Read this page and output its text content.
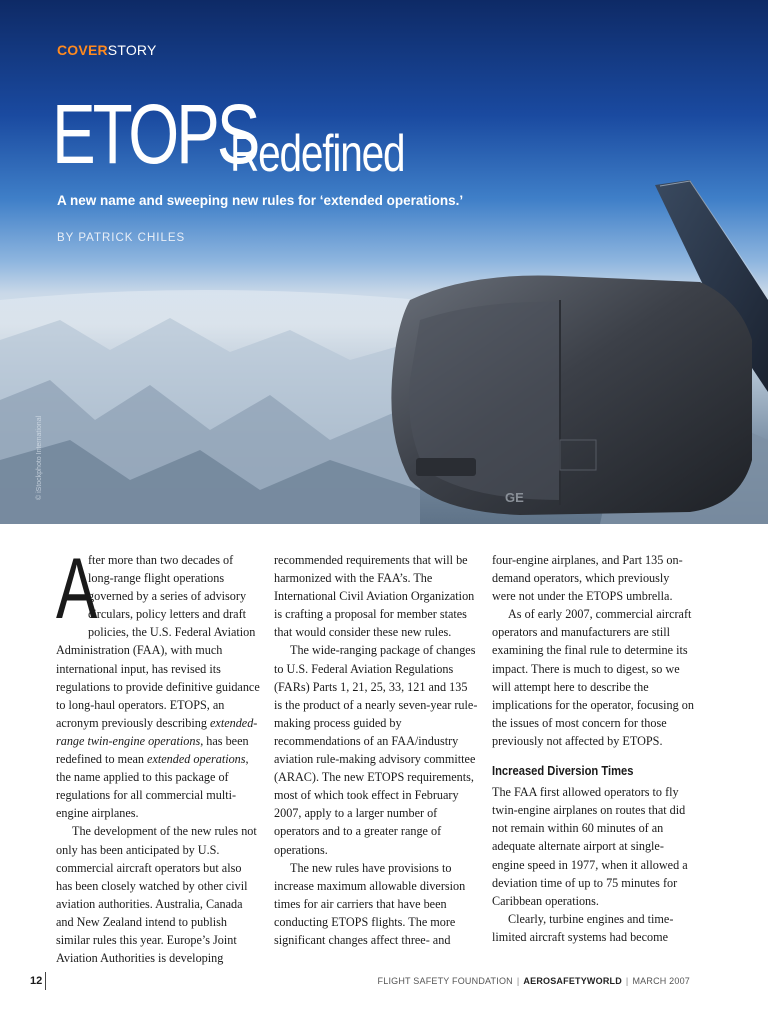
GE
COVERSTORY
ETOPS
Redefined
A new name and sweeping new rules for ‘extended operations.’
BY PATRICK CHILES
© iStockphoto International

A
fter more than two decades of long-range flight operations governed by a series of advisory circulars, policy letters and draft policies, the U.S. Federal Aviation Administration (FAA), with much international input, has revised its regulations to provide definitive guidance to long-haul operators. ETOPS, an acronym previously describing extended-range twin-engine operations, has been redefined to mean extended operations, the name applied to this package of regulations for all commercial multi-engine airplanes.

The development of the new rules not only has been anticipated by U.S. commercial aircraft operators but also has been closely watched by other civil aviation authorities. Australia, Canada and New Zealand intend to publish similar rules this year. Europe’s Joint Aviation Authorities is developing

recommended requirements that will be harmonized with the FAA’s. The International Civil Aviation Organization is crafting a proposal for member states that would consider these new rules.

The wide-ranging package of changes to U.S. Federal Aviation Regulations (FARs) Parts 1, 21, 25, 33, 121 and 135 is the product of a nearly seven-year rule-making process guided by recommendations of an FAA/industry aviation rule-making advisory committee (ARAC). The new ETOPS requirements, most of which took effect in February 2007, apply to a larger number of operators and to a greater range of operations.

The new rules have provisions to increase maximum allowable diversion times for air carriers that have been conducting ETOPS flights. The more significant changes affect three- and

four-engine airplanes, and Part 135 on-demand operators, which previously were not under the ETOPS umbrella.

As of early 2007, commercial aircraft operators and manufacturers are still examining the final rule to determine its impact. There is much to digest, so we will attempt here to describe the implications for the operator, focusing on the issues of most concern for those previously not affected by ETOPS.

Increased Diversion Times

The FAA first allowed operators to fly twin-engine airplanes on routes that did not remain within 60 minutes of an adequate alternate airport at single-engine speed in 1977, when it allowed a deviation time of up to 75 minutes for Caribbean operations.

Clearly, turbine engines and time-limited aircraft systems had become

12	FLIGHT SAFETY FOUNDATION | AEROSAFETYWORLD | MARCH 2007
